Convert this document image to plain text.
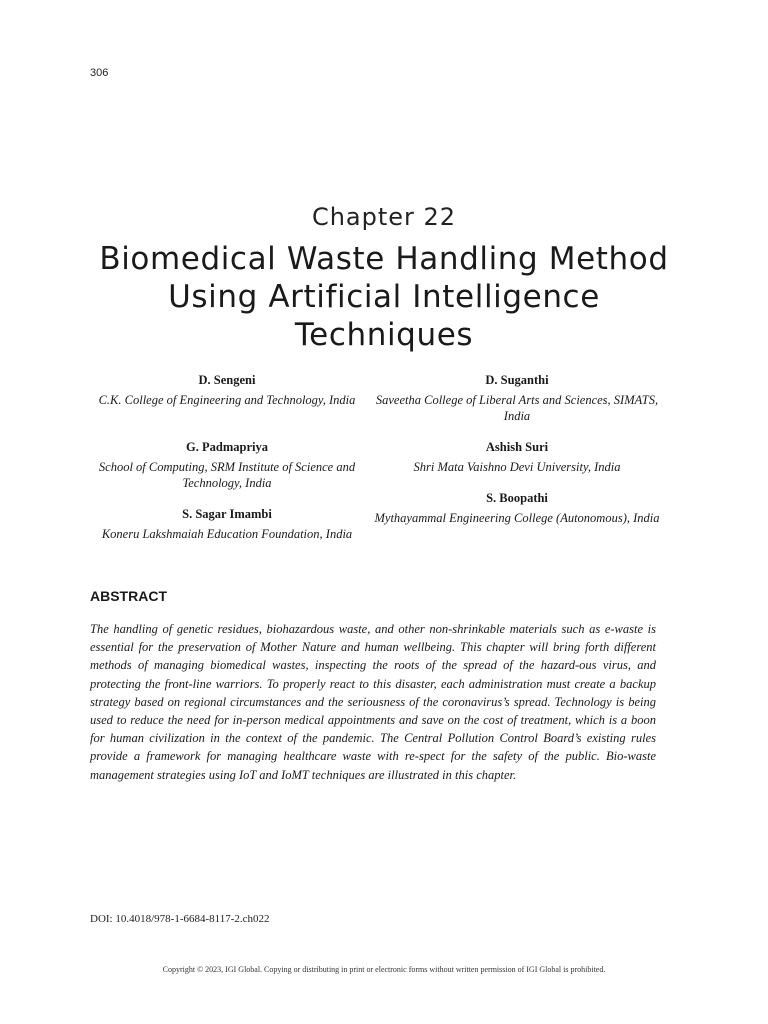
306
Chapter 22
Biomedical Waste Handling Method Using Artificial Intelligence Techniques
D. Sengeni
C.K. College of Engineering and Technology, India
G. Padmapriya
School of Computing, SRM Institute of Science and Technology, India
S. Sagar Imambi
Koneru Lakshmaiah Education Foundation, India
D. Suganthi
Saveetha College of Liberal Arts and Sciences, SIMATS, India
Ashish Suri
Shri Mata Vaishno Devi University, India
S. Boopathi
Mythayammal Engineering College (Autonomous), India
ABSTRACT

The handling of genetic residues, biohazardous waste, and other non-shrinkable materials such as e-waste is essential for the preservation of Mother Nature and human wellbeing. This chapter will bring forth different methods of managing biomedical wastes, inspecting the roots of the spread of the hazard-ous virus, and protecting the front-line warriors. To properly react to this disaster, each administration must create a backup strategy based on regional circumstances and the seriousness of the coronavirus’s spread. Technology is being used to reduce the need for in-person medical appointments and save on the cost of treatment, which is a boon for human civilization in the context of the pandemic. The Central Pollution Control Board’s existing rules provide a framework for managing healthcare waste with re-spect for the safety of the public. Bio-waste management strategies using IoT and IoMT techniques are illustrated in this chapter.

DOI: 10.4018/978-1-6684-8117-2.ch022
Copyright © 2023, IGI Global. Copying or distributing in print or electronic forms without written permission of IGI Global is prohibited.
